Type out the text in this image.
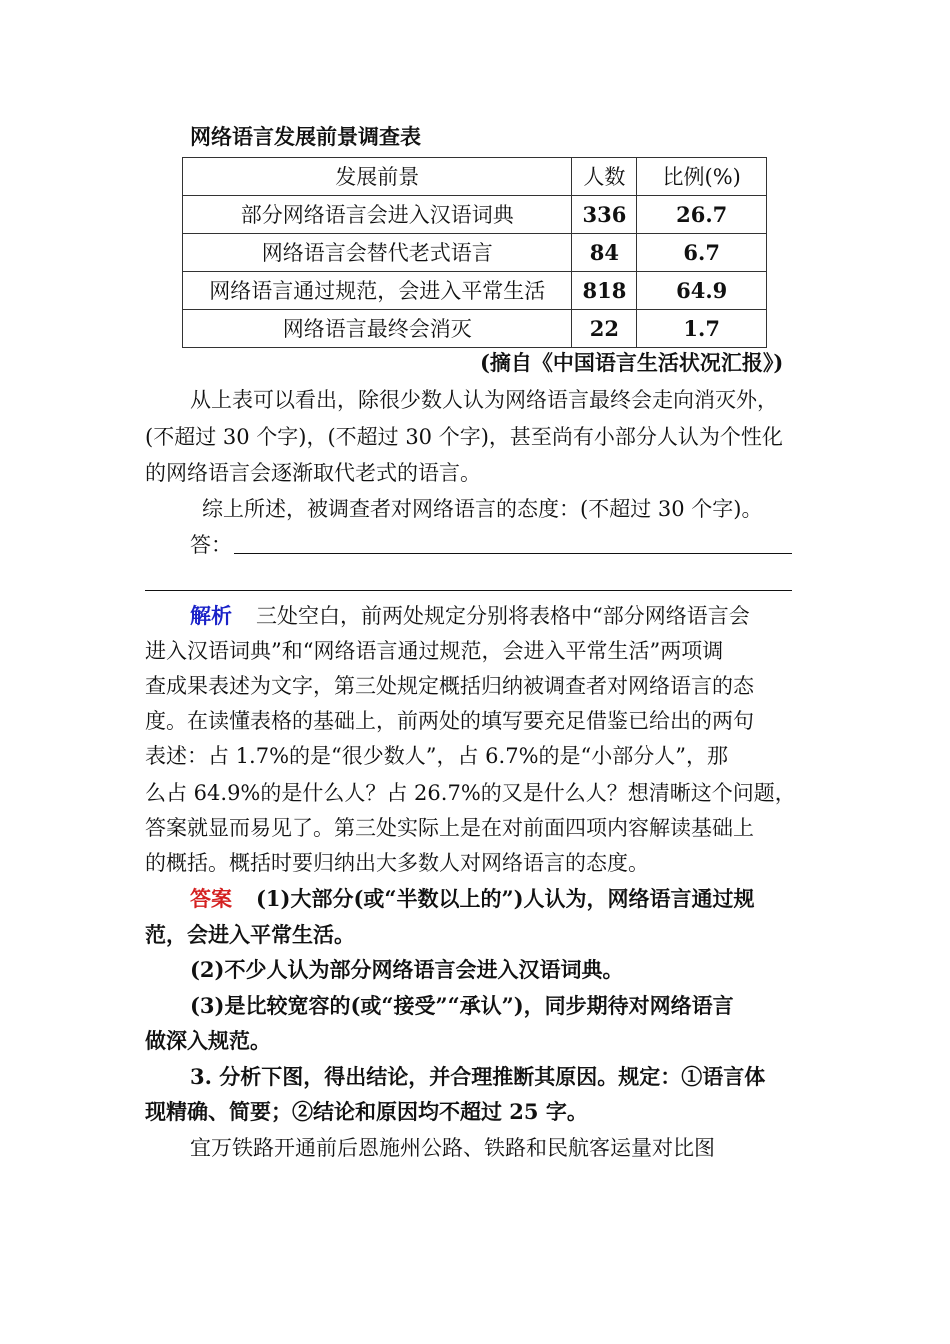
网络语言发展前景调查表
发展前景	人数	比例(%)
部分网络语言会进入汉语词典	336	26.7
网络语言会替代老式语言	84	6.7
网络语言通过规范，会进入平常生活	818	64.9
网络语言最终会消灭	22	1.7
(摘自《中国语言生活状况汇报》)
从上表可以看出，除很少数人认为网络语言最终会走向消灭外，
(不超过 30 个字)，(不超过 30 个字)，甚至尚有小部分人认为个性化
的网络语言会逐渐取代老式的语言。
综上所述，被调查者对网络语言的态度：(不超过 30 个字)。
答：
解析 三处空白，前两处规定分别将表格中“部分网络语言会
进入汉语词典”和“网络语言通过规范，会进入平常生活”两项调
查成果表述为文字，第三处规定概括归纳被调查者对网络语言的态
度。在读懂表格的基础上，前两处的填写要充足借鉴已给出的两句
表述：占 1.7%的是“很少数人”，占 6.7%的是“小部分人”，那
么占 64.9%的是什么人？占 26.7%的又是什么人？想清晰这个问题，
答案就显而易见了。第三处实际上是在对前面四项内容解读基础上
的概括。概括时要归纳出大多数人对网络语言的态度。
答案 (1)大部分(或“半数以上的”)人认为，网络语言通过规
范，会进入平常生活。
(2)不少人认为部分网络语言会进入汉语词典。
(3)是比较宽容的(或“接受”“承认”)，同步期待对网络语言
做深入规范。
3. 分析下图，得出结论，并合理推断其原因。规定：①语言体
现精确、简要；②结论和原因均不超过 25 字。
宜万铁路开通前后恩施州公路、铁路和民航客运量对比图
